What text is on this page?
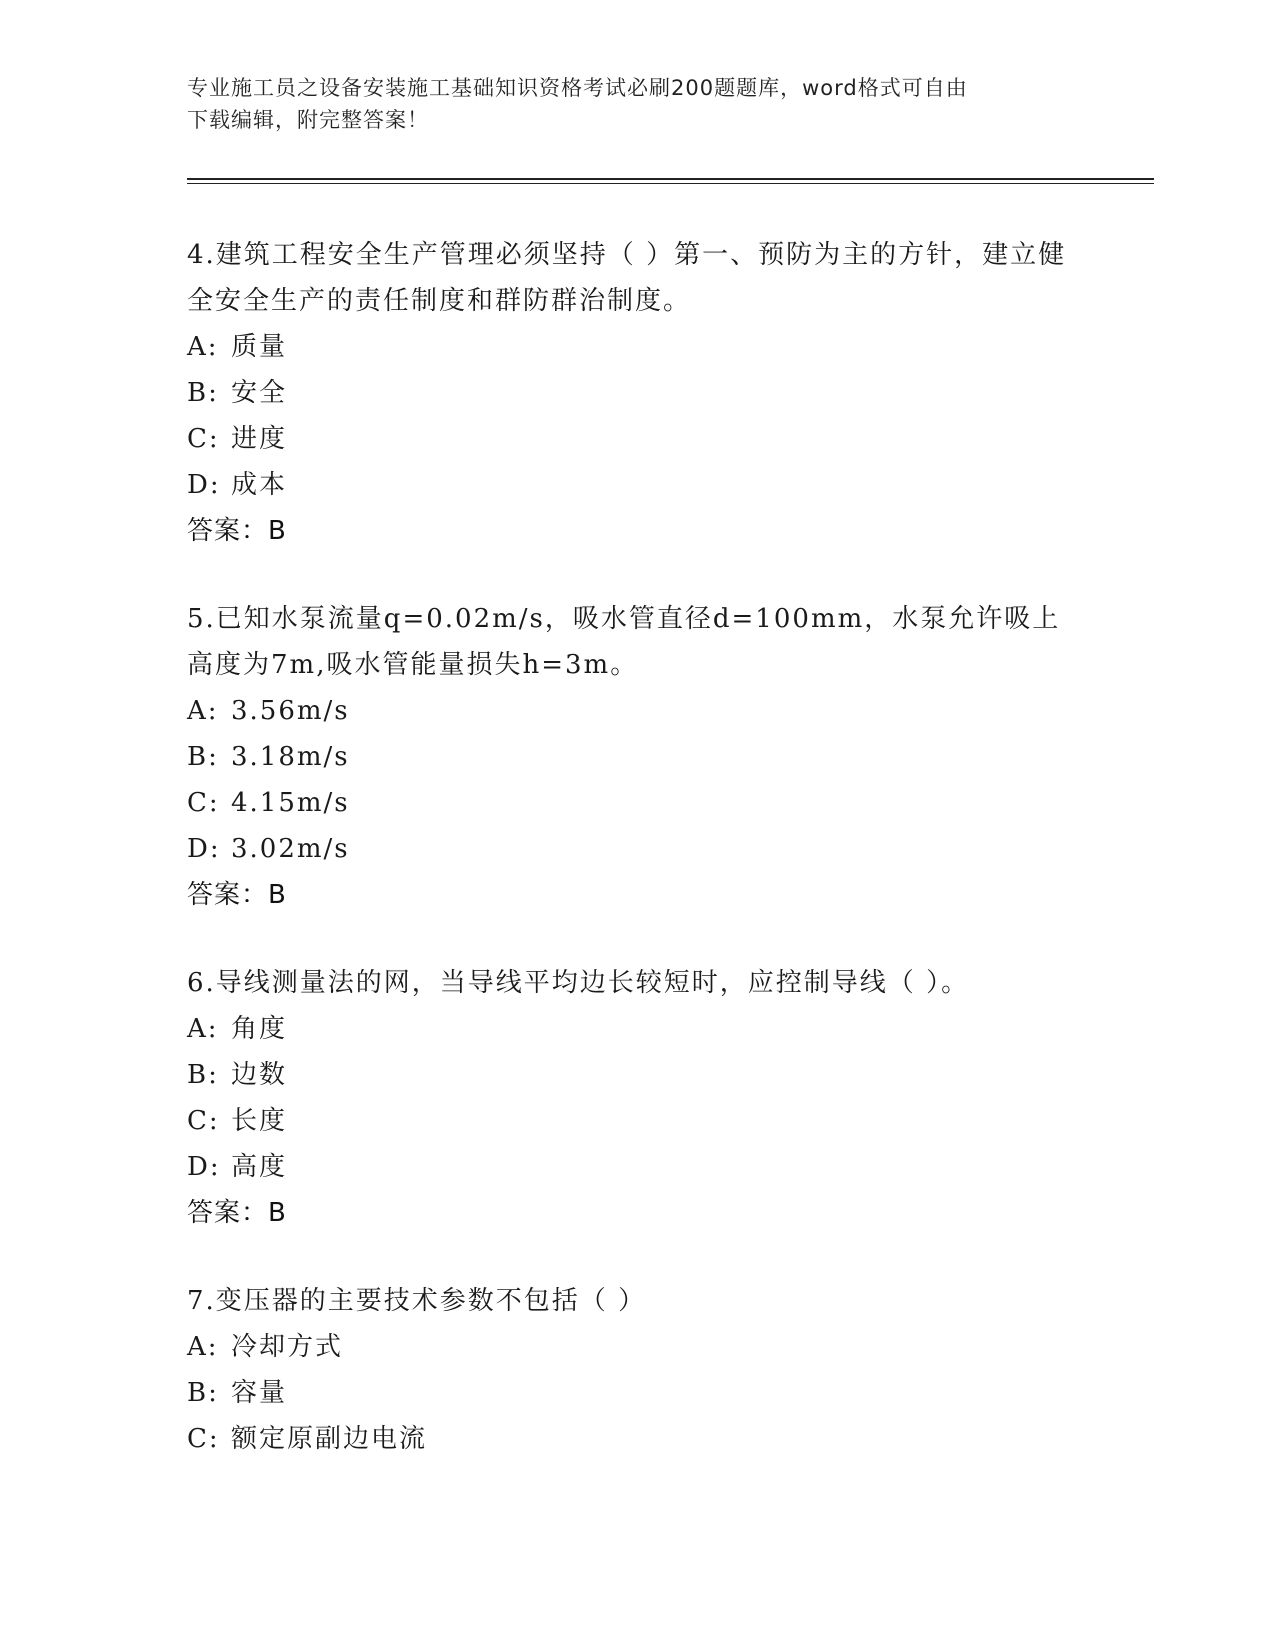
专业施工员之设备安装施工基础知识资格考试必刷200题题库，word格式可自由
下载编辑，附完整答案！
4.建筑工程安全生产管理必须坚持（ ）第一、预防为主的方针，建立健全安全生产的责任制度和群防群治制度。
A: 质量
B: 安全
C: 进度
D: 成本
答案：B
5.已知水泵流量q=0.02m/s，吸水管直径d=100mm，水泵允许吸上高度为7m,吸水管能量损失h=3m。
A: 3.56m/s
B: 3.18m/s
C: 4.15m/s
D: 3.02m/s
答案：B
6.导线测量法的网，当导线平均边长较短时，应控制导线（ ）。
A: 角度
B: 边数
C: 长度
D: 高度
答案：B
7.变压器的主要技术参数不包括（ ）
A: 冷却方式
B: 容量
C: 额定原副边电流
